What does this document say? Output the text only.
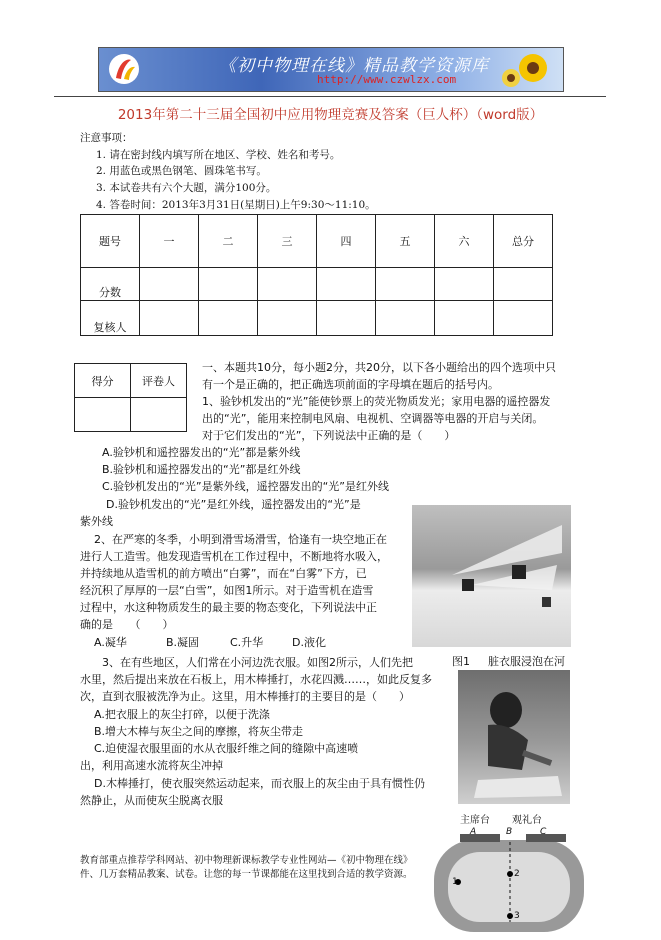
《初中物理在线》精品教学资源库
http://www.czwlzx.com
2013年第二十三届全国初中应用物理竞赛及答案（巨人杯）（word版）
注意事项：
1. 请在密封线内填写所在地区、学校、姓名和考号。
2. 用蓝色或黑色钢笔、圆珠笔书写。
3. 本试卷共有六个大题，满分100分。
4. 答卷时间：2013年3月31日(星期日)上午9:30～11:10。
题号	一	二	三	四	五	六	总分
分数							
复核人							
得分	评卷人

一、本题共10分，每小题2分，共20分，以下各小题给出的四个选项中只
有一个是正确的，把正确选项前面的字母填在题后的括号内。
1、验钞机发出的“光”能使钞票上的荧光物质发光；家用电器的遥控器发
出的“光”，能用来控制电风扇、电视机、空调器等电器的开启与关闭。
对于它们发出的“光”，下列说法中正确的是（　　）
A.验钞机和遥控器发出的“光”都是紫外线
B.验钞机和遥控器发出的“光”都是红外线
C.验钞机发出的“光”是紫外线，遥控器发出的“光”是红外线
D.验钞机发出的“光”是红外线，遥控器发出的“光”是
紫外线
2、在严寒的冬季，小明到滑雪场滑雪，恰逢有一块空地正在
进行人工造雪。他发现造雪机在工作过程中，不断地将水吸入，
并持续地从造雪机的前方喷出“白雾”，而在“白雾”下方，已
经沉积了厚厚的一层“白雪”，如图1所示。对于造雪机在造雪
过程中，水这种物质发生的最主要的物态变化，下列说法中正
确的是　　（　　）
A.凝华	B.凝固	C.升华	D.液化
图1 脏衣服浸泡在河
3、在有些地区，人们常在小河边洗衣服。如图2所示，人们先把
水里，然后提出来放在石板上，用木棒捶打，水花四溅……，如此反复多
次，直到衣服被洗净为止。这里，用木棒捶打的主要目的是（　　）
A.把衣服上的灰尘打碎，以便于洗涤
B.增大木棒与灰尘之间的摩擦，将灰尘带走
C.迫使湿衣服里面的水从衣服纤维之间的缝隙中高速喷
出，利用高速水流将灰尘冲掉
D.木棒捶打，使衣服突然运动起来，而衣服上的灰尘由于具有惯性仍
然静止，从而使灰尘脱离衣服
主席台 观礼台
A	B	C
1
2
3
教育部重点推荐学科网站、初中物理新课标教学专业性网站—《初中物理在线》
件、几万套精品教案、试卷。让您的每一节课都能在这里找到合适的教学资源。
